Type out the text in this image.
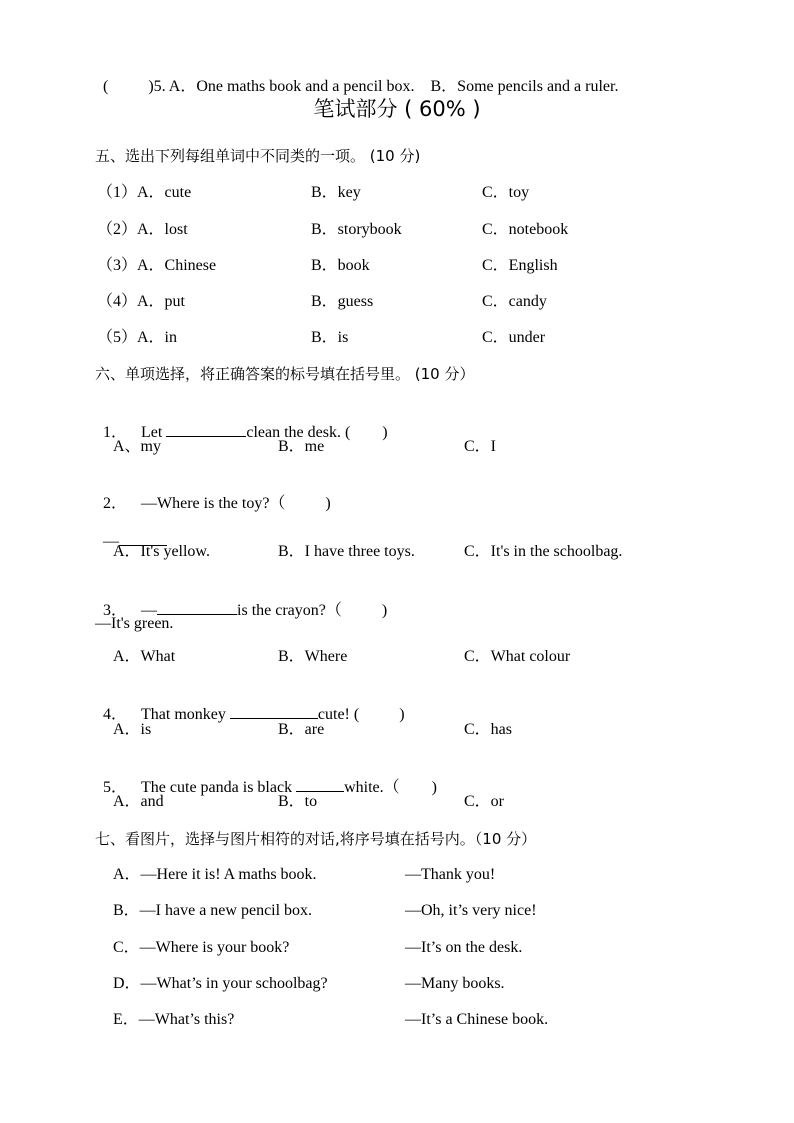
(          )5. A．One maths book and a pencil box.    B．Some pencils and a ruler.

笔试部分 ( 60% )
五、选出下列每组单词中不同类的一项。 (10 分)
（1） A．cute	B．key	C．toy
（2） A．lost	B．storybook	C．notebook
（3） A．Chinese	B．book	C．English
（4） A．put	B．guess	C．candy
（5） A．in	B．is	C．under
六、单项选择，将正确答案的标号填在括号里。 (10 分）

1． Let	clean the desk. (        )

A、my	B．me	C．I

2． —Where is the toy?（          )

—

A．It's yellow.	B．I have three toys.	C．It's in the schoolbag.

3． —	is the crayon?（          )

—It's green.
A．What	B．Where	C．What colour

4． That monkey	cute! (          )

A．is	B．are	C．has

5． The cute panda is black	white.（        )

A．and	B．to	C．or
七、看图片，选择与图片相符的对话,将序号填在括号内。（10 分）
A．—Here it is! A maths book.	—Thank you!
B．—I have a new pencil box.	—Oh, it’s very nice!
C．—Where is your book?	—It’s on the desk.
D．—What’s in your schoolbag?	—Many books.
E．—What’s this?	—It’s a Chinese book.
